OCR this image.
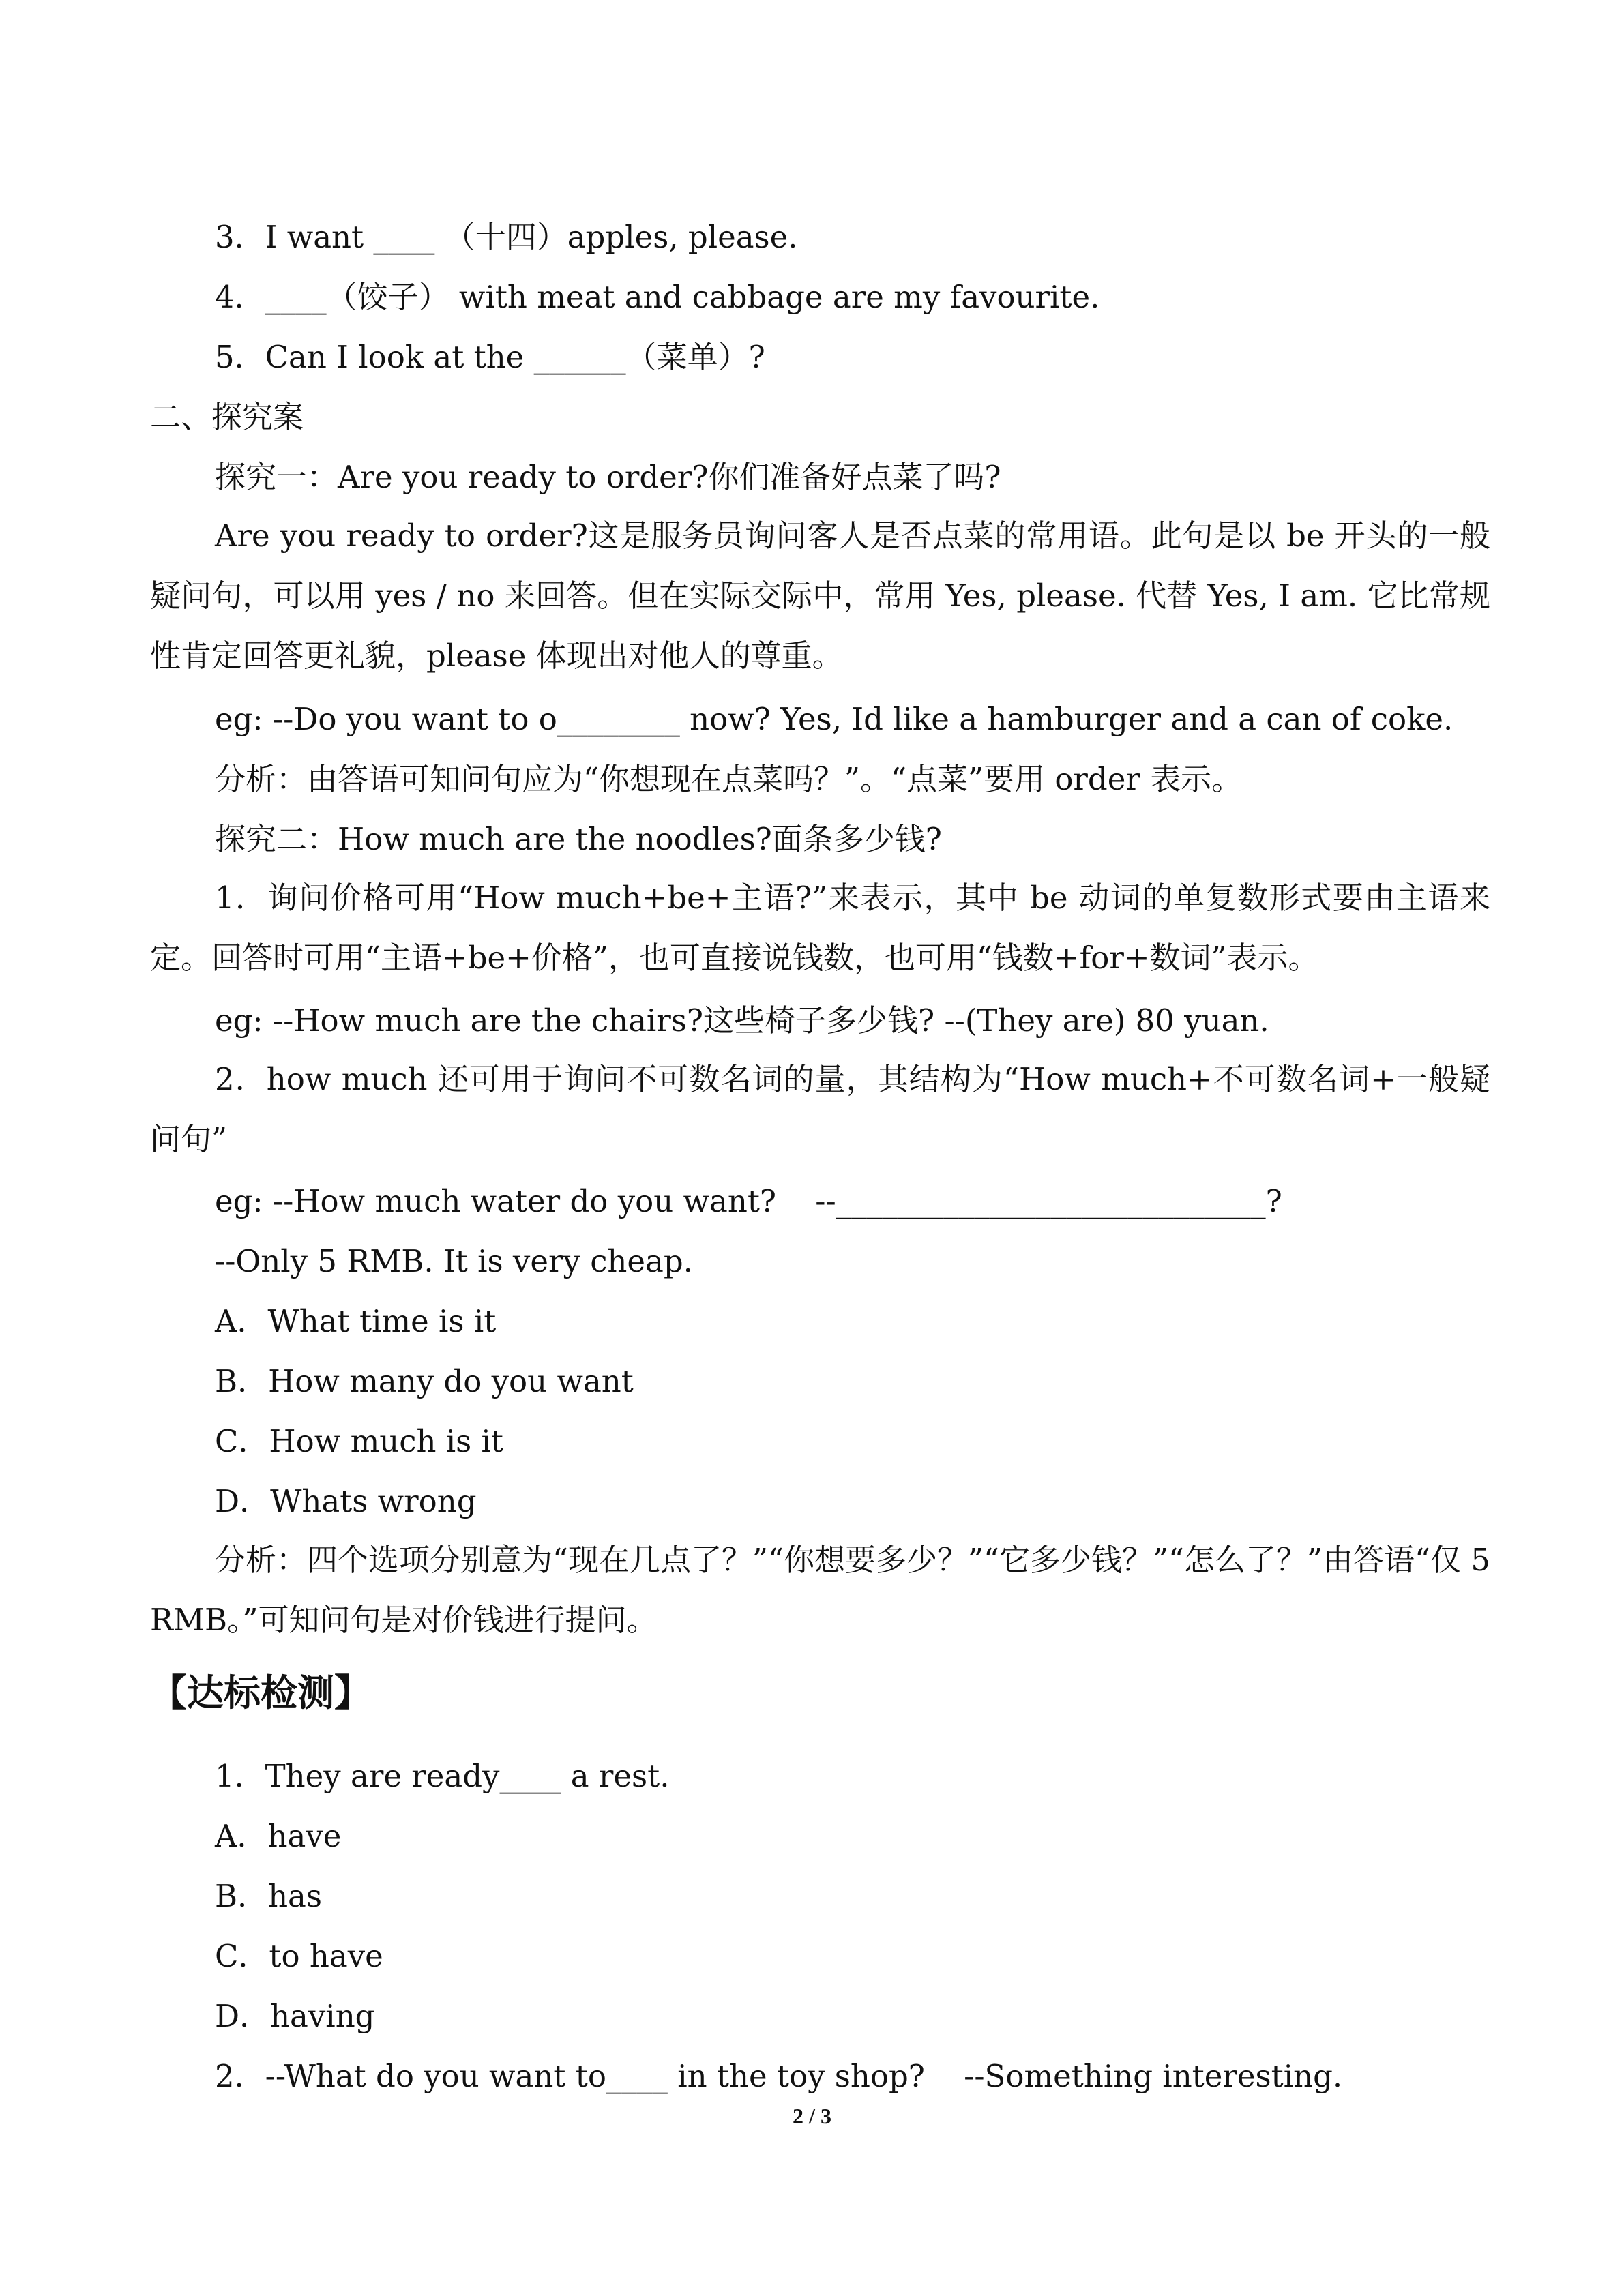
3．I want ____ （十四）apples, please.
4．____（饺子） with meat and cabbage are my favourite.
5．Can I look at the ______（菜单）?
二、探究案
探究一：Are you ready to order?你们准备好点菜了吗?
Are you ready to order?这是服务员询问客人是否点菜的常用语。此句是以 be 开头的一般疑问句，可以用 yes / no 来回答。但在实际交际中，常用 Yes, please. 代替 Yes, I am. 它比常规性肯定回答更礼貌，please 体现出对他人的尊重。
eg: --Do you want to o________ now? Yes, Id like a hamburger and a can of coke.
分析：由答语可知问句应为“你想现在点菜吗？”。“点菜”要用 order 表示。
探究二：How much are the noodles?面条多少钱?
1．询问价格可用“How much+be+主语?”来表示，其中 be 动词的单复数形式要由主语来定。回答时可用“主语+be+价格”，也可直接说钱数，也可用“钱数+for+数词”表示。
eg: --How much are the chairs?这些椅子多少钱? --(They are) 80 yuan.
2．how much 还可用于询问不可数名词的量，其结构为“How much+不可数名词+一般疑问句”
eg: --How much water do you want?    --____________________________?
--Only 5 RMB. It is very cheap.
A．What time is it
B．How many do you want
C．How much is it
D．Whats wrong
分析：四个选项分别意为“现在几点了？”“你想要多少？”“它多少钱？”“怎么了？”由答语“仅 5RMB。”可知问句是对价钱进行提问。
【达标检测】
1．They are ready____ a rest.
A．have
B．has
C．to have
D．having
2．--What do you want to____ in the toy shop?    --Something interesting.
2 / 3
